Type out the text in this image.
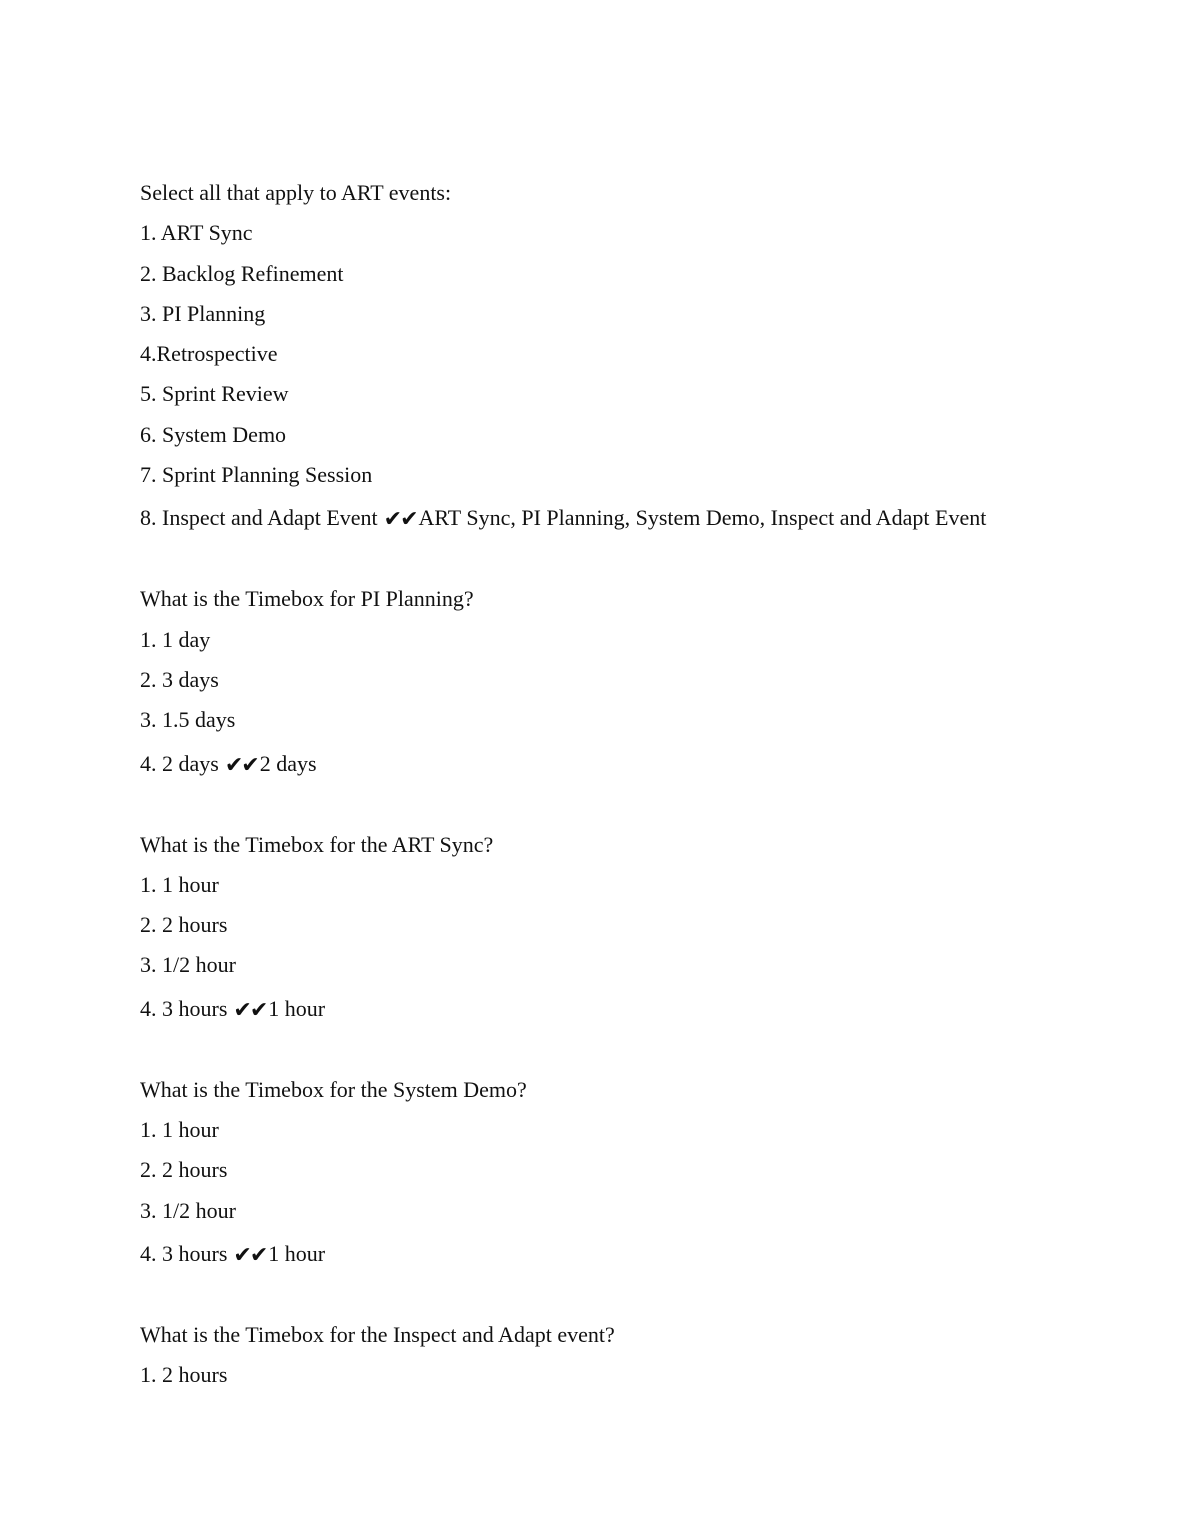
Select all that apply to ART events:
1. ART Sync
2. Backlog Refinement
3. PI Planning
4.Retrospective
5. Sprint Review
6. System Demo
7. Sprint Planning Session
8. Inspect and Adapt Event ✔✔ART Sync, PI Planning, System Demo, Inspect and Adapt Event
What is the Timebox for PI Planning?
1. 1 day
2. 3 days
3. 1.5 days
4. 2 days ✔✔2 days
What is the Timebox for the ART Sync?
1. 1 hour
2. 2 hours
3. 1/2 hour
4. 3 hours ✔✔1 hour
What is the Timebox for the System Demo?
1. 1 hour
2. 2 hours
3. 1/2 hour
4. 3 hours ✔✔1 hour
What is the Timebox for the Inspect and Adapt event?
1. 2 hours
